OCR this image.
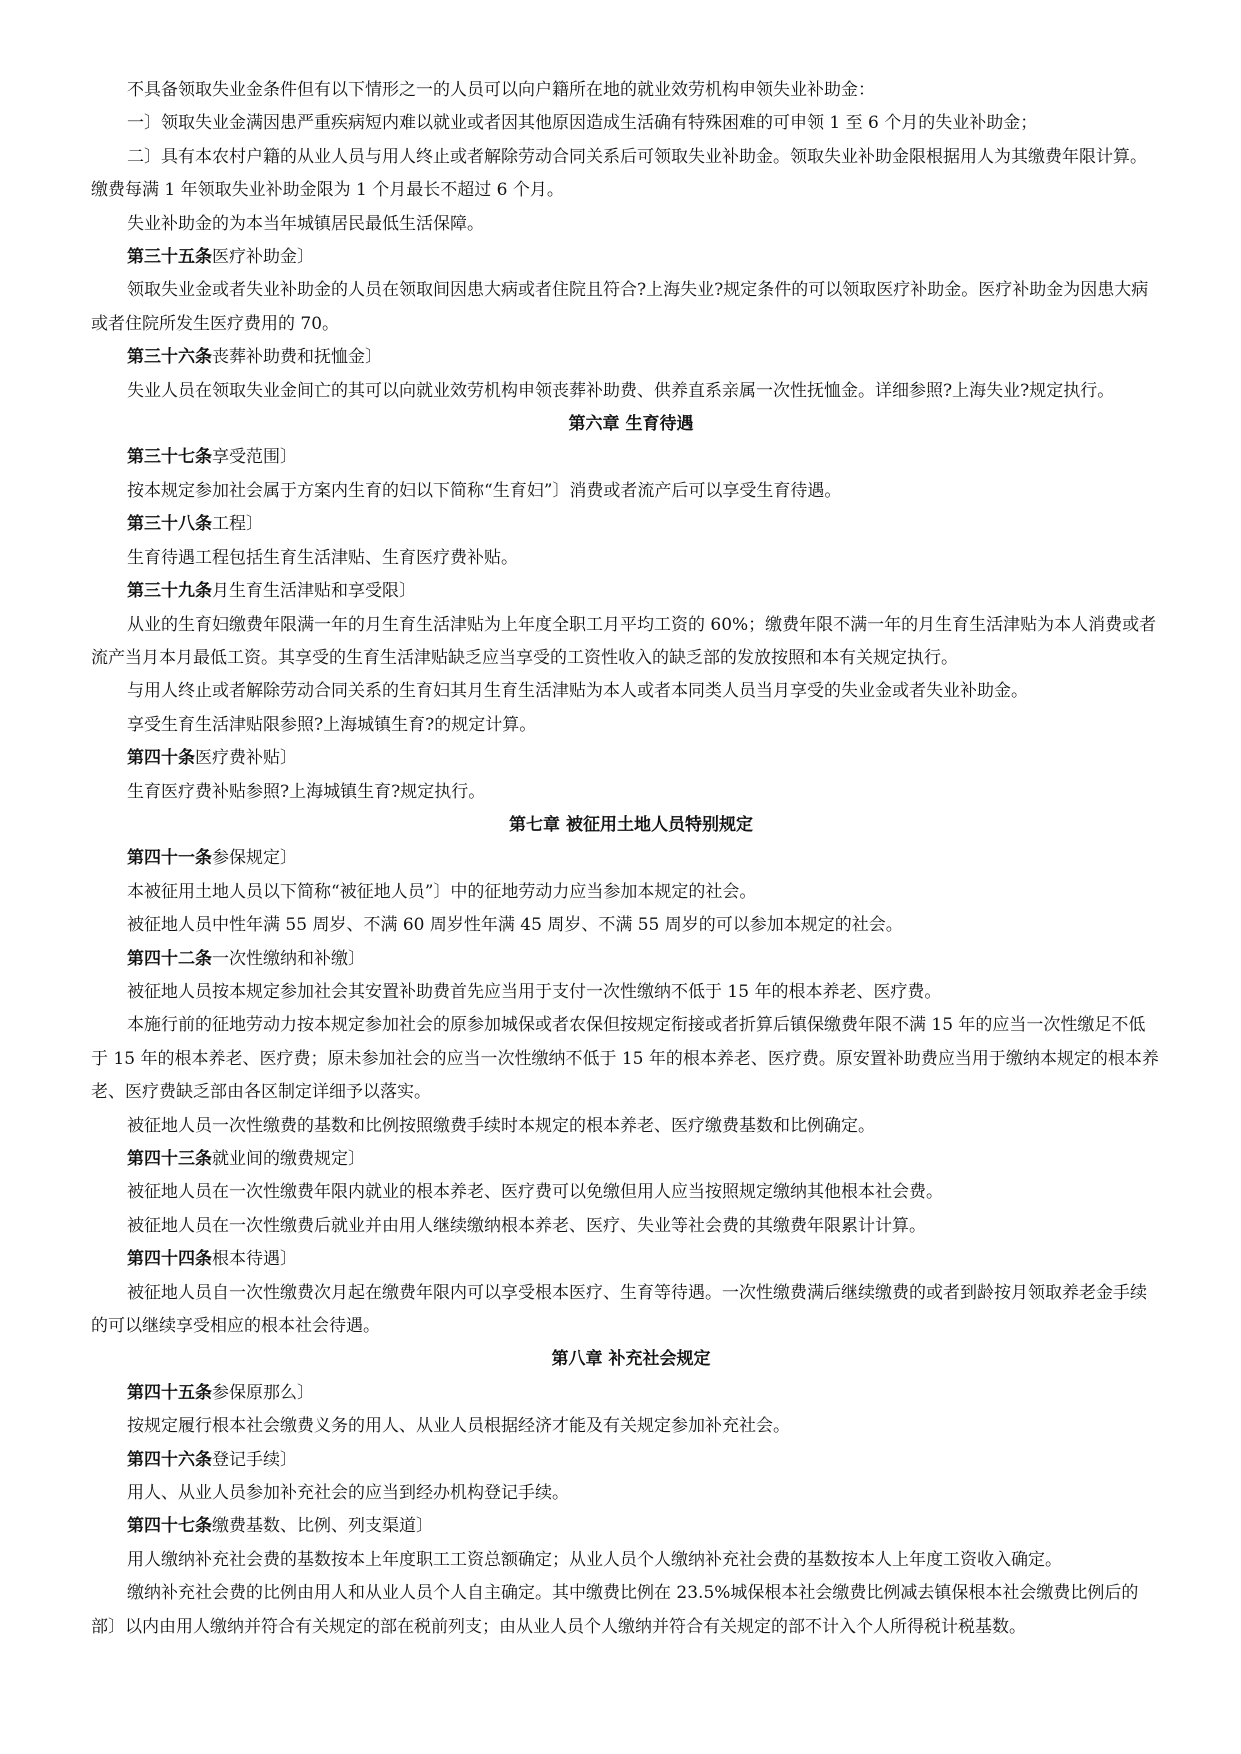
不具备领取失业金条件但有以下情形之一的人员可以向户籍所在地的就业效劳机构申领失业补助金：

一〕领取失业金满因患严重疾病短内难以就业或者因其他原因造成生活确有特殊困难的可申领 1 至 6 个月的失业补助金；

二〕具有本农村户籍的从业人员与用人终止或者解除劳动合同关系后可领取失业补助金。领取失业补助金限根据用人为其缴费年限计算。缴费每满 1 年领取失业补助金限为 1 个月最长不超过 6 个月。

失业补助金的为本当年城镇居民最低生活保障。

第三十五条医疗补助金〕

领取失业金或者失业补助金的人员在领取间因患大病或者住院且符合?上海失业?规定条件的可以领取医疗补助金。医疗补助金为因患大病或者住院所发生医疗费用的 70。

第三十六条丧葬补助费和抚恤金〕

失业人员在领取失业金间亡的其可以向就业效劳机构申领丧葬补助费、供养直系亲属一次性抚恤金。详细参照?上海失业?规定执行。

第六章 生育待遇

第三十七条享受范围〕

按本规定参加社会属于方案内生育的妇以下简称“生育妇”〕消费或者流产后可以享受生育待遇。

第三十八条工程〕

生育待遇工程包括生育生活津贴、生育医疗费补贴。

第三十九条月生育生活津贴和享受限〕

从业的生育妇缴费年限满一年的月生育生活津贴为上年度全职工月平均工资的 60%；缴费年限不满一年的月生育生活津贴为本人消费或者流产当月本月最低工资。其享受的生育生活津贴缺乏应当享受的工资性收入的缺乏部的发放按照和本有关规定执行。

与用人终止或者解除劳动合同关系的生育妇其月生育生活津贴为本人或者本同类人员当月享受的失业金或者失业补助金。

享受生育生活津贴限参照?上海城镇生育?的规定计算。

第四十条医疗费补贴〕

生育医疗费补贴参照?上海城镇生育?规定执行。

第七章 被征用土地人员特别规定

第四十一条参保规定〕

本被征用土地人员以下简称“被征地人员”〕中的征地劳动力应当参加本规定的社会。

被征地人员中性年满 55 周岁、不满 60 周岁性年满 45 周岁、不满 55 周岁的可以参加本规定的社会。

第四十二条一次性缴纳和补缴〕

被征地人员按本规定参加社会其安置补助费首先应当用于支付一次性缴纳不低于 15 年的根本养老、医疗费。

本施行前的征地劳动力按本规定参加社会的原参加城保或者农保但按规定衔接或者折算后镇保缴费年限不满 15 年的应当一次性缴足不低于 15 年的根本养老、医疗费；原未参加社会的应当一次性缴纳不低于 15 年的根本养老、医疗费。原安置补助费应当用于缴纳本规定的根本养老、医疗费缺乏部由各区制定详细予以落实。

被征地人员一次性缴费的基数和比例按照缴费手续时本规定的根本养老、医疗缴费基数和比例确定。

第四十三条就业间的缴费规定〕

被征地人员在一次性缴费年限内就业的根本养老、医疗费可以免缴但用人应当按照规定缴纳其他根本社会费。

被征地人员在一次性缴费后就业并由用人继续缴纳根本养老、医疗、失业等社会费的其缴费年限累计计算。

第四十四条根本待遇〕

被征地人员自一次性缴费次月起在缴费年限内可以享受根本医疗、生育等待遇。一次性缴费满后继续缴费的或者到龄按月领取养老金手续的可以继续享受相应的根本社会待遇。

第八章 补充社会规定

第四十五条参保原那么〕

按规定履行根本社会缴费义务的用人、从业人员根据经济才能及有关规定参加补充社会。

第四十六条登记手续〕

用人、从业人员参加补充社会的应当到经办机构登记手续。

第四十七条缴费基数、比例、列支渠道〕

用人缴纳补充社会费的基数按本上年度职工工资总额确定；从业人员个人缴纳补充社会费的基数按本人上年度工资收入确定。

缴纳补充社会费的比例由用人和从业人员个人自主确定。其中缴费比例在 23.5%城保根本社会缴费比例减去镇保根本社会缴费比例后的部〕以内由用人缴纳并符合有关规定的部在税前列支；由从业人员个人缴纳并符合有关规定的部不计入个人所得税计税基数。
